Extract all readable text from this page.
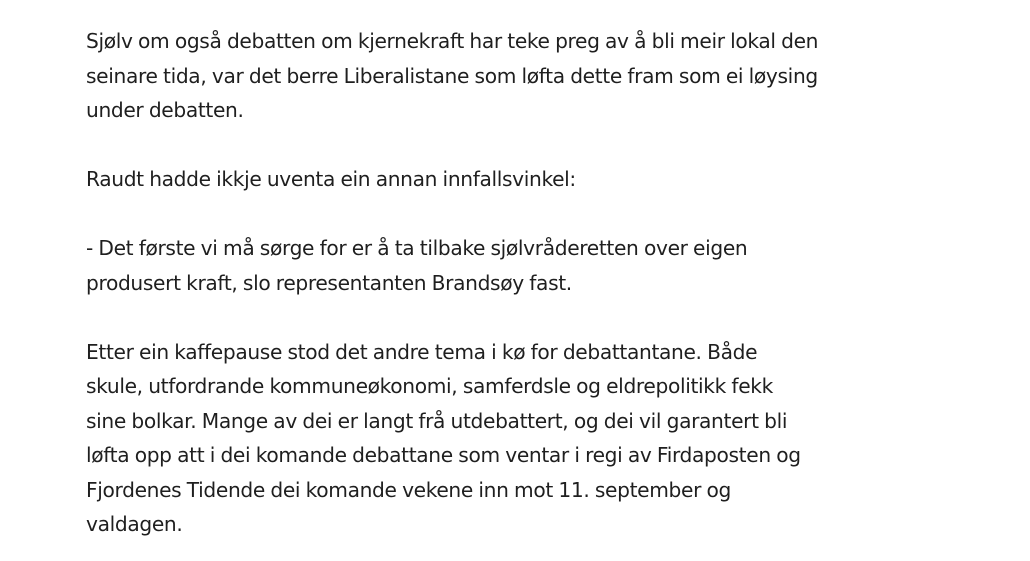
Sjølv om også debatten om kjernekraft har teke preg av å bli meir lokal den
seinare tida, var det berre Liberalistane som løfta dette fram som ei løysing
under debatten.

Raudt hadde ikkje uventa ein annan innfallsvinkel:

- Det første vi må sørge for er å ta tilbake sjølvråderetten over eigen
produsert kraft, slo representanten Brandsøy fast.

Etter ein kaffepause stod det andre tema i kø for debattantane. Både
skule, utfordrande kommuneøkonomi, samferdsle og eldrepolitikk fekk
sine bolkar. Mange av dei er langt frå utdebattert, og dei vil garantert bli
løfta opp att i dei komande debattane som ventar i regi av Firdaposten og
Fjordenes Tidende dei komande vekene inn mot 11. september og
valdagen.
